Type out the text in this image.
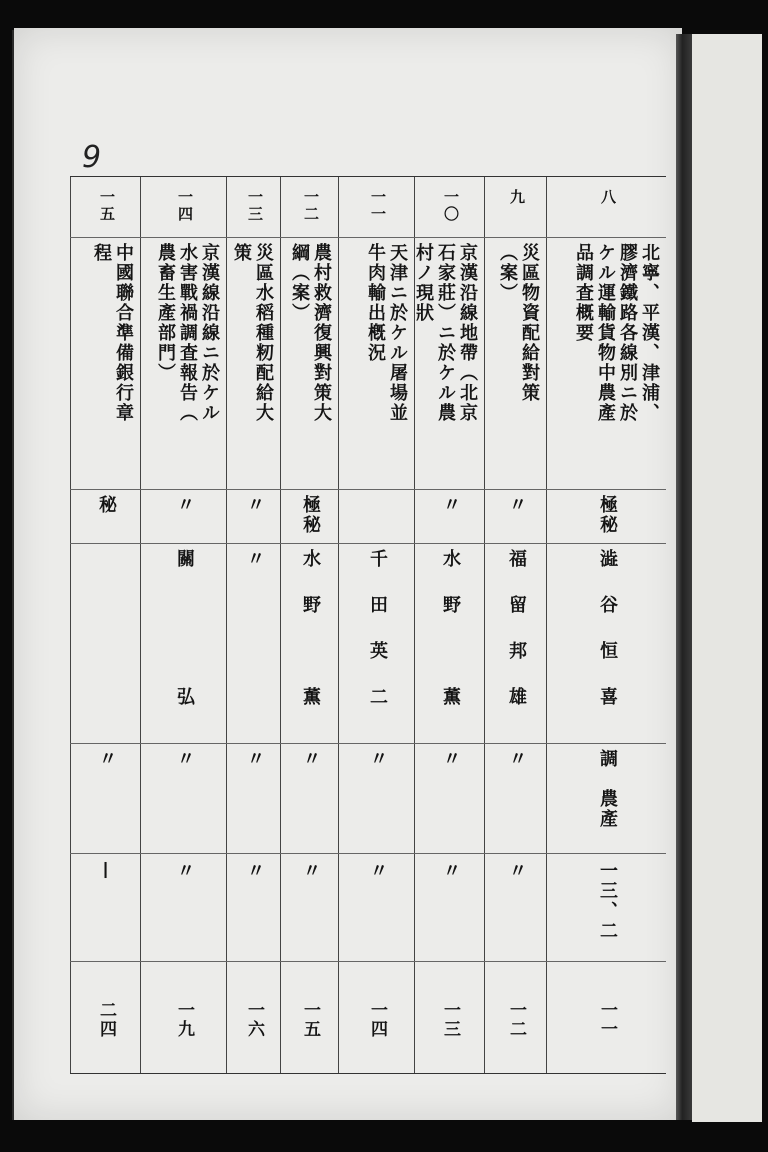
9
八
北寧、平漢、津浦、
膠濟鐵路各線別ニ於
ケル運輸貨物中農產
品調査概要
極秘
澁谷恒喜
調　農產
一三、二
一一
九
災區物資配給對策
（案）
〃
福留邦雄
〃
〃
一二
一〇
京漢沿線地帶（北京
石家莊）ニ於ケル農
村ノ現狀
〃
水野　薫
〃
〃
一三
一一
天津ニ於ケル屠場並
牛肉輸出槪況
千田英二
〃
〃
一四
一二
農村救濟復興對策大
綱（案）
極秘
水野　薫
〃
〃
一五
一三
災區水稻種籾配給大
策
〃
〃
〃
〃
一六
一四
京漢線沿線ニ於ケル
水害戰禍調査報告（
農畜生產部門）
〃
關　　弘
〃
〃
一九
一五
中國聯合準備銀行章
程
秘
〃
—
二四
